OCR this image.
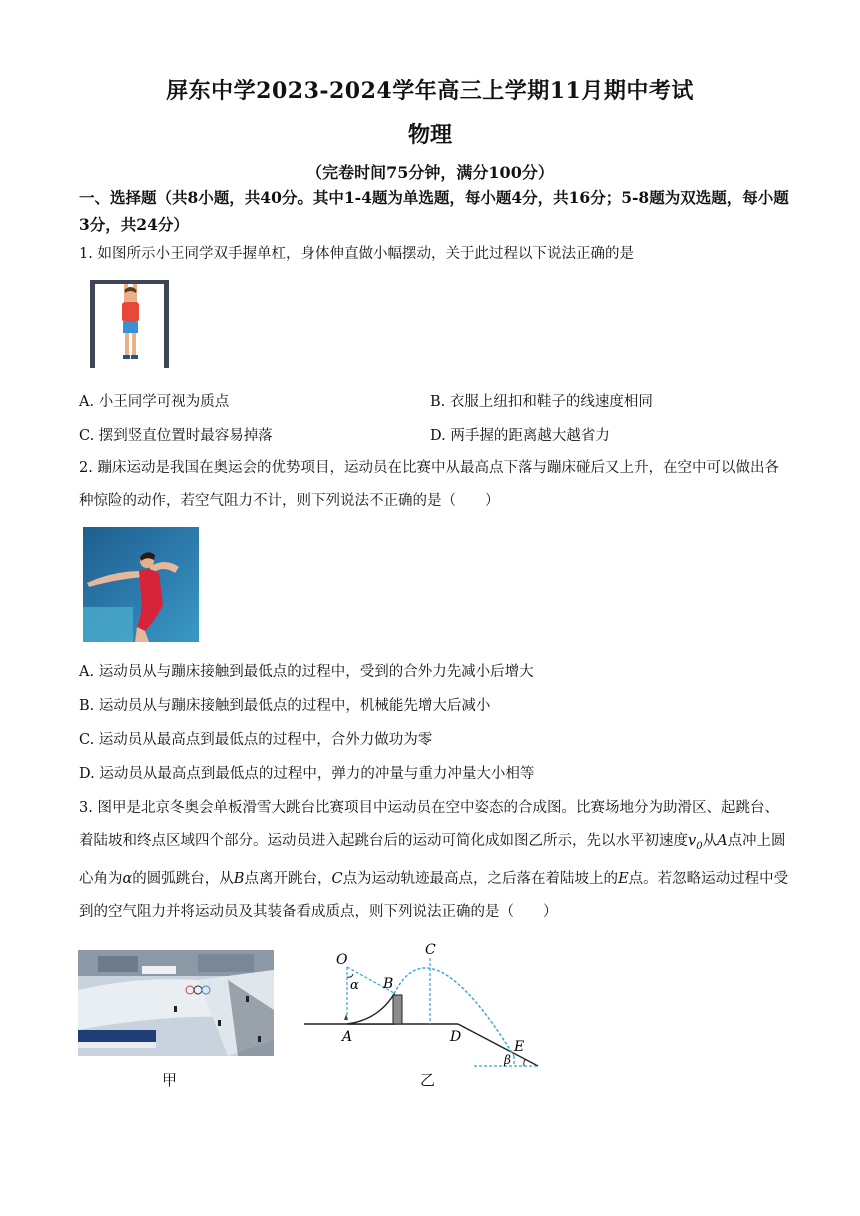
屏东中学2023-2024学年高三上学期11月期中考试
物理
（完卷时间75分钟，满分100分）
一、选择题（共8小题，共40分。其中1-4题为单选题，每小题4分，共16分；5-8题为双选题，每小题3分，共24分）
1. 如图所示小王同学双手握单杠，身体伸直做小幅摆动，关于此过程以下说法正确的是
A. 小王同学可视为质点	B. 衣服上纽扣和鞋子的线速度相同
C. 摆到竖直位置时最容易掉落	D. 两手握的距离越大越省力
2. 蹦床运动是我国在奥运会的优势项目，运动员在比赛中从最高点下落与蹦床碰后又上升，在空中可以做出各种惊险的动作，若空气阻力不计，则下列说法不正确的是（　　）
A. 运动员从与蹦床接触到最低点的过程中，受到的合外力先减小后增大
B. 运动员从与蹦床接触到最低点的过程中，机械能先增大后减小
C. 运动员从最高点到最低点的过程中，合外力做功为零
D. 运动员从最高点到最低点的过程中，弹力的冲量与重力冲量大小相等
3. 图甲是北京冬奥会单板滑雪大跳台比赛项目中运动员在空中姿态的合成图。比赛场地分为助滑区、起跳台、着陆坡和终点区域四个部分。运动员进入起跳台后的运动可简化成如图乙所示，先以水平初速度$v_0$从A点冲上圆心角为α的圆弧跳台，从B点离开跳台，C点为运动轨迹最高点，之后落在着陆坡上的E点。若忽略运动过程中受到的空气阻力并将运动员及其装备看成质点，则下列说法正确的是（　　）
甲
O
α B
C
A	D
E
β
乙
